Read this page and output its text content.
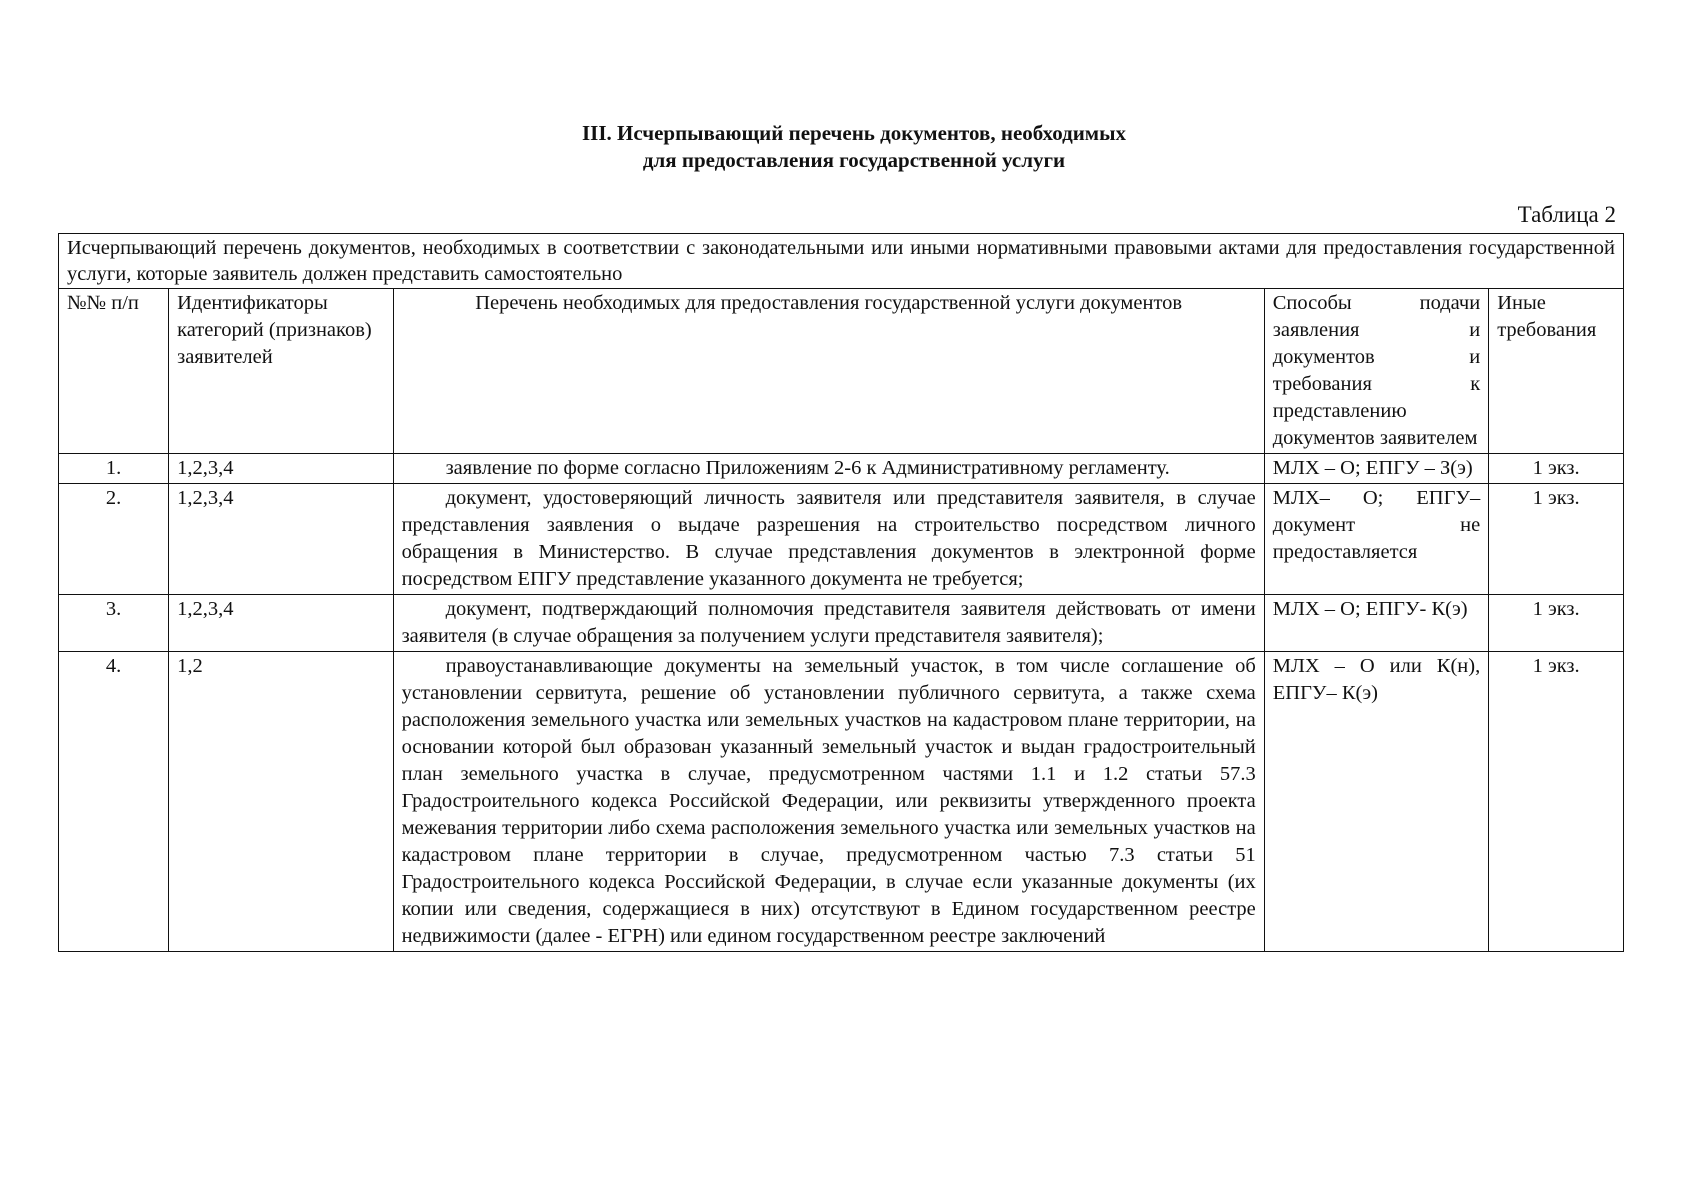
III. Исчерпывающий перечень документов, необходимых
для предоставления государственной услуги
Таблица 2
Исчерпывающий перечень документов, необходимых в соответствии с законодательными или иными нормативными правовыми актами для предоставления государственной услуги, которые заявитель должен представить самостоятельно				
№№ п/п	Идентификаторы категорий (признаков) заявителей	Перечень необходимых для предоставления государственной услуги документов	Способы подачи заявления и документов и требования к представлению документов заявителем	Иные требования
1.	1,2,3,4	заявление по форме согласно Приложениям 2-6 к Административному регламенту.	МЛХ – О; ЕПГУ – З(э)	1 экз.
2.	1,2,3,4	документ, удостоверяющий личность заявителя или представителя заявителя, в случае представления заявления о выдаче разрешения на строительство посредством личного обращения в Министерство. В случае представления документов в электронной форме посредством ЕПГУ представление указанного документа не требуется;	МЛХ– О; ЕПГУ– документ не предоставляется	1 экз.
3.	1,2,3,4	документ, подтверждающий полномочия представителя заявителя действовать от имени заявителя (в случае обращения за получением услуги представителя заявителя);	МЛХ – О; ЕПГУ- К(э)	1 экз.
4.	1,2	правоустанавливающие документы на земельный участок, в том числе соглашение об установлении сервитута, решение об установлении публичного сервитута, а также схема расположения земельного участка или земельных участков на кадастровом плане территории, на основании которой был образован указанный земельный участок и выдан градостроительный план земельного участка в случае, предусмотренном частями 1.1 и 1.2 статьи 57.3 Градостроительного кодекса Российской Федерации, или реквизиты утвержденного проекта межевания территории либо схема расположения земельного участка или земельных участков на кадастровом плане территории в случае, предусмотренном частью 7.3 статьи 51 Градостроительного кодекса Российской Федерации, в случае если указанные документы (их копии или сведения, содержащиеся в них) отсутствуют в Едином государственном реестре недвижимости (далее - ЕГРН) или едином государственном реестре заключений	МЛХ – О или К(н), ЕПГУ– К(э)	1 экз.
